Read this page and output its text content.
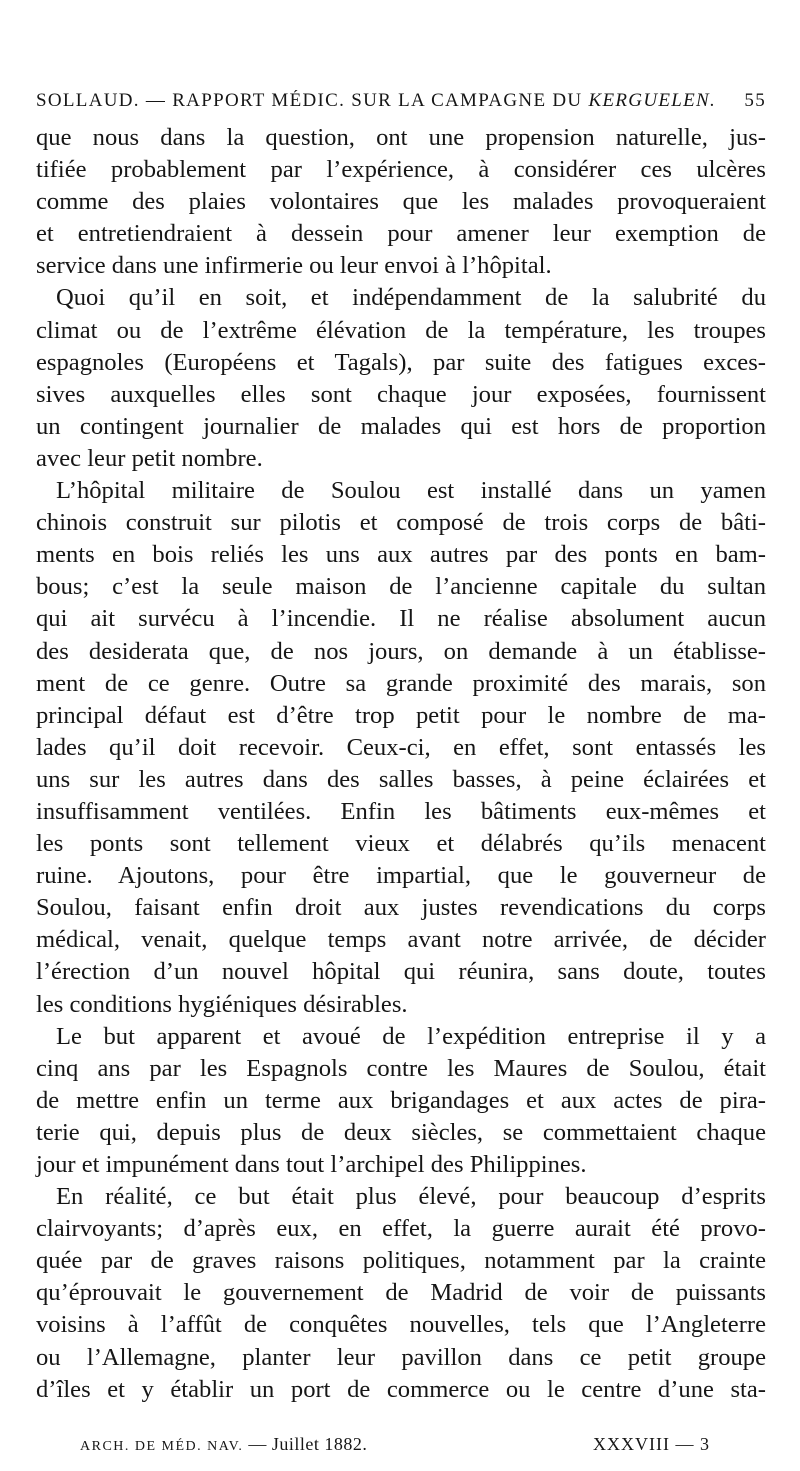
SOLLAUD. — RAPPORT MÉDIC. SUR LA CAMPAGNE DU KERGUELEN. 55
que nous dans la question, ont une propension naturelle, jus-
tifiée probablement par l’expérience, à considérer ces ulcères
comme des plaies volontaires que les malades provoqueraient
et entretiendraient à dessein pour amener leur exemption de
service dans une infirmerie ou leur envoi à l’hôpital.
Quoi qu’il en soit, et indépendamment de la salubrité du
climat ou de l’extrême élévation de la température, les troupes
espagnoles (Européens et Tagals), par suite des fatigues exces-
sives auxquelles elles sont chaque jour exposées, fournissent
un contingent journalier de malades qui est hors de proportion
avec leur petit nombre.
L’hôpital militaire de Soulou est installé dans un yamen
chinois construit sur pilotis et composé de trois corps de bâti-
ments en bois reliés les uns aux autres par des ponts en bam-
bous; c’est la seule maison de l’ancienne capitale du sultan
qui ait survécu à l’incendie. Il ne réalise absolument aucun
des desiderata que, de nos jours, on demande à un établisse-
ment de ce genre. Outre sa grande proximité des marais, son
principal défaut est d’être trop petit pour le nombre de ma-
lades qu’il doit recevoir. Ceux-ci, en effet, sont entassés les
uns sur les autres dans des salles basses, à peine éclairées et
insuffisamment ventilées. Enfin les bâtiments eux-mêmes et
les ponts sont tellement vieux et délabrés qu’ils menacent
ruine. Ajoutons, pour être impartial, que le gouverneur de
Soulou, faisant enfin droit aux justes revendications du corps
médical, venait, quelque temps avant notre arrivée, de décider
l’érection d’un nouvel hôpital qui réunira, sans doute, toutes
les conditions hygiéniques désirables.
Le but apparent et avoué de l’expédition entreprise il y a
cinq ans par les Espagnols contre les Maures de Soulou, était
de mettre enfin un terme aux brigandages et aux actes de pira-
terie qui, depuis plus de deux siècles, se commettaient chaque
jour et impunément dans tout l’archipel des Philippines.
En réalité, ce but était plus élevé, pour beaucoup d’esprits
clairvoyants; d’après eux, en effet, la guerre aurait été provo-
quée par de graves raisons politiques, notamment par la crainte
qu’éprouvait le gouvernement de Madrid de voir de puissants
voisins à l’affût de conquêtes nouvelles, tels que l’Angleterre
ou l’Allemagne, planter leur pavillon dans ce petit groupe
d’îles et y établir un port de commerce ou le centre d’une sta-
ARCH. DE MÉD. NAV. — Juillet 1882.	XXXVIII — 3
